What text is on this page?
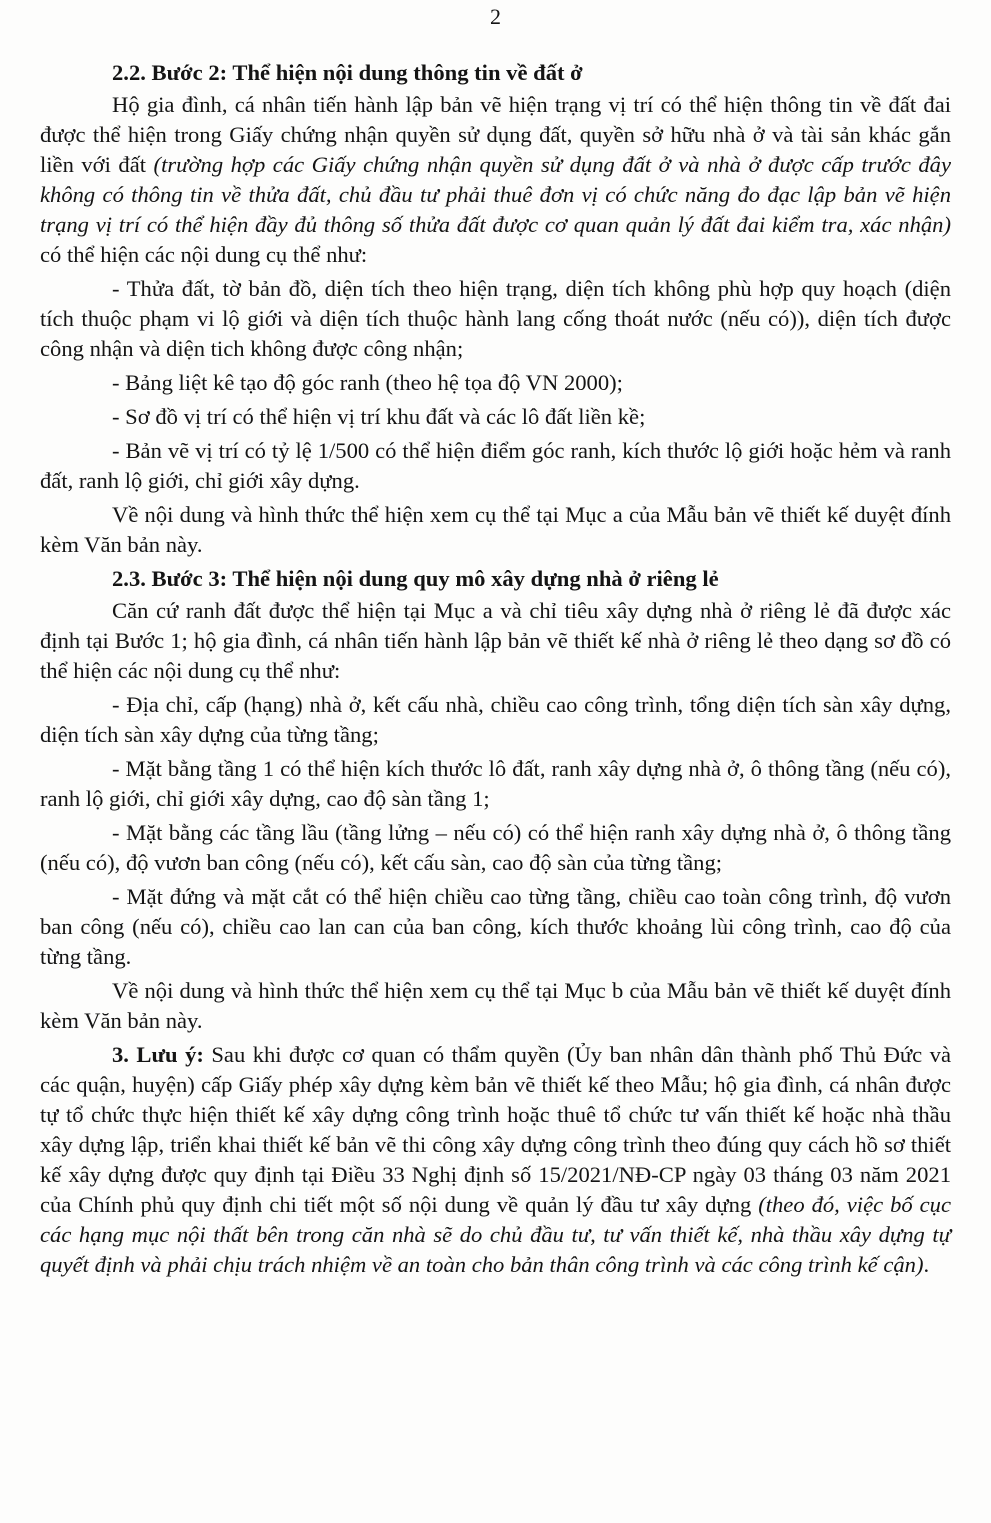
2

2.2. Bước 2: Thể hiện nội dung thông tin về đất ở

Hộ gia đình, cá nhân tiến hành lập bản vẽ hiện trạng vị trí có thể hiện thông tin về đất đai được thể hiện trong Giấy chứng nhận quyền sử dụng đất, quyền sở hữu nhà ở và tài sản khác gắn liền với đất (trường hợp các Giấy chứng nhận quyền sử dụng đất ở và nhà ở được cấp trước đây không có thông tin về thửa đất, chủ đầu tư phải thuê đơn vị có chức năng đo đạc lập bản vẽ hiện trạng vị trí có thể hiện đầy đủ thông số thửa đất được cơ quan quản lý đất đai kiểm tra, xác nhận) có thể hiện các nội dung cụ thể như:

- Thửa đất, tờ bản đồ, diện tích theo hiện trạng, diện tích không phù hợp quy hoạch (diện tích thuộc phạm vi lộ giới và diện tích thuộc hành lang cống thoát nước (nếu có)), diện tích được công nhận và diện tich không được công nhận;

- Bảng liệt kê tạo độ góc ranh (theo hệ tọa độ VN 2000);

- Sơ đồ vị trí có thể hiện vị trí khu đất và các lô đất liền kề;

- Bản vẽ vị trí có tỷ lệ 1/500 có thể hiện điểm góc ranh, kích thước lộ giới hoặc hẻm và ranh đất, ranh lộ giới, chỉ giới xây dựng.

Về nội dung và hình thức thể hiện xem cụ thể tại Mục a của Mẫu bản vẽ thiết kế duyệt đính kèm Văn bản này.

2.3. Bước 3: Thể hiện nội dung quy mô xây dựng nhà ở riêng lẻ

Căn cứ ranh đất được thể hiện tại Mục a và chỉ tiêu xây dựng nhà ở riêng lẻ đã được xác định tại Bước 1; hộ gia đình, cá nhân tiến hành lập bản vẽ thiết kế nhà ở riêng lẻ theo dạng sơ đồ có thể hiện các nội dung cụ thể như:

- Địa chỉ, cấp (hạng) nhà ở, kết cấu nhà, chiều cao công trình, tổng diện tích sàn xây dựng, diện tích sàn xây dựng của từng tầng;

- Mặt bằng tầng 1 có thể hiện kích thước lô đất, ranh xây dựng nhà ở, ô thông tầng (nếu có), ranh lộ giới, chỉ giới xây dựng, cao độ sàn tầng 1;

- Mặt bằng các tầng lầu (tầng lửng – nếu có) có thể hiện ranh xây dựng nhà ở, ô thông tầng (nếu có), độ vươn ban công (nếu có), kết cấu sàn, cao độ sàn của từng tầng;

- Mặt đứng và mặt cắt có thể hiện chiều cao từng tầng, chiều cao toàn công trình, độ vươn ban công (nếu có), chiều cao lan can của ban công, kích thước khoảng lùi công trình, cao độ của từng tầng.

Về nội dung và hình thức thể hiện xem cụ thể tại Mục b của Mẫu bản vẽ thiết kế duyệt đính kèm Văn bản này.

3. Lưu ý: Sau khi được cơ quan có thẩm quyền (Ủy ban nhân dân thành phố Thủ Đức và các quận, huyện) cấp Giấy phép xây dựng kèm bản vẽ thiết kế theo Mẫu; hộ gia đình, cá nhân được tự tổ chức thực hiện thiết kế xây dựng công trình hoặc thuê tổ chức tư vấn thiết kế hoặc nhà thầu xây dựng lập, triển khai thiết kế bản vẽ thi công xây dựng công trình theo đúng quy cách hồ sơ thiết kế xây dựng được quy định tại Điều 33 Nghị định số 15/2021/NĐ-CP ngày 03 tháng 03 năm 2021 của Chính phủ quy định chi tiết một số nội dung về quản lý đầu tư xây dựng (theo đó, việc bố cục các hạng mục nội thất bên trong căn nhà sẽ do chủ đầu tư, tư vấn thiết kế, nhà thầu xây dựng tự quyết định và phải chịu trách nhiệm về an toàn cho bản thân công trình và các công trình kế cận).
